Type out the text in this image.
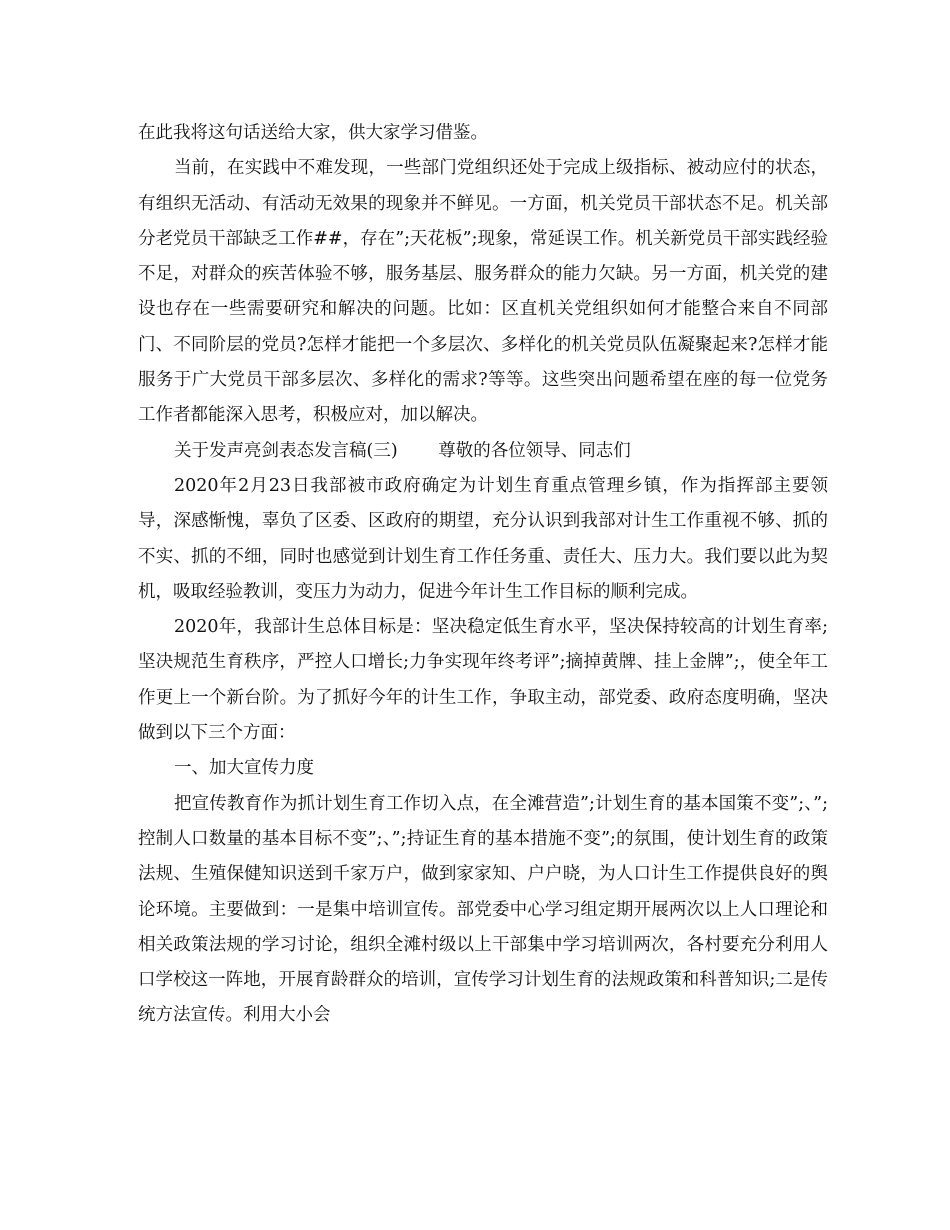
在此我将这句话送给大家，供大家学习借鉴。

当前，在实践中不难发现，一些部门党组织还处于完成上级指标、被动应付的状态，有组织无活动、有活动无效果的现象并不鲜见。一方面，机关党员干部状态不足。机关部分老党员干部缺乏工作##，存在”;天花板”;现象，常延误工作。机关新党员干部实践经验不足，对群众的疾苦体验不够，服务基层、服务群众的能力欠缺。另一方面，机关党的建设也存在一些需要研究和解决的问题。比如：区直机关党组织如何才能整合来自不同部门、不同阶层的党员?怎样才能把一个多层次、多样化的机关党员队伍凝聚起来?怎样才能服务于广大党员干部多层次、多样化的需求?等等。这些突出问题希望在座的每一位党务工作者都能深入思考，积极应对，加以解决。

关于发声亮剑表态发言稿(三)　　 尊敬的各位领导、同志们

2020年2月23日我部被市政府确定为计划生育重点管理乡镇，作为指挥部主要领导，深感惭愧，辜负了区委、区政府的期望，充分认识到我部对计生工作重视不够、抓的不实、抓的不细，同时也感觉到计划生育工作任务重、责任大、压力大。我们要以此为契机，吸取经验教训，变压力为动力，促进今年计生工作目标的顺利完成。

2020年，我部计生总体目标是：坚决稳定低生育水平，坚决保持较高的计划生育率;坚决规范生育秩序，严控人口增长;力争实现年终考评”;摘掉黄牌、挂上金牌”;，使全年工作更上一个新台阶。为了抓好今年的计生工作，争取主动，部党委、政府态度明确，坚决做到以下三个方面：

一、加大宣传力度

把宣传教育作为抓计划生育工作切入点，在全滩营造”;计划生育的基本国策不变”;、”;控制人口数量的基本目标不变”;、”;持证生育的基本措施不变”;的氛围，使计划生育的政策法规、生殖保健知识送到千家万户，做到家家知、户户晓，为人口计生工作提供良好的舆论环境。主要做到：一是集中培训宣传。部党委中心学习组定期开展两次以上人口理论和相关政策法规的学习讨论，组织全滩村级以上干部集中学习培训两次，各村要充分利用人口学校这一阵地，开展育龄群众的培训，宣传学习计划生育的法规政策和科普知识;二是传统方法宣传。利用大小会
